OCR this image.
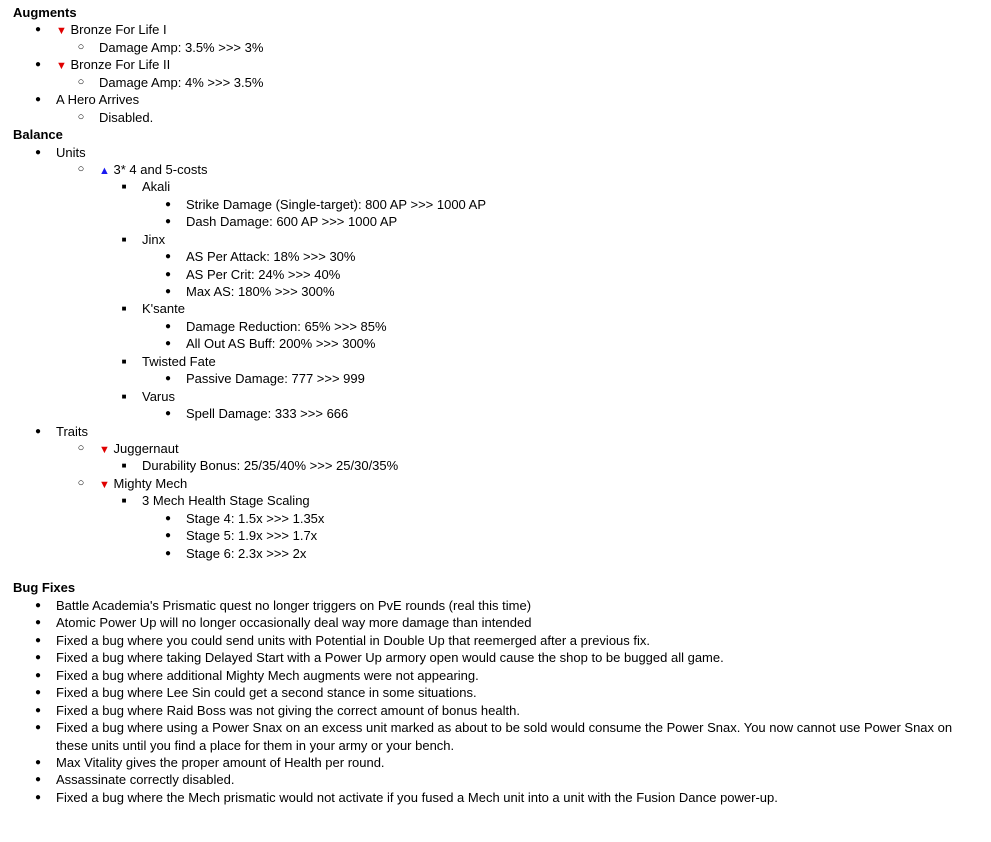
Augments
● ▼ Bronze For Life I
○ Damage Amp: 3.5% >>> 3%
● ▼ Bronze For Life II
○ Damage Amp: 4% >>> 3.5%
● A Hero Arrives
○ Disabled.
Balance
● Units
○ ▲ 3* 4 and 5-costs
■ Akali
● Strike Damage (Single-target): 800 AP >>> 1000 AP
● Dash Damage: 600 AP >>> 1000 AP
■ Jinx
● AS Per Attack: 18% >>> 30%
● AS Per Crit: 24% >>> 40%
● Max AS: 180% >>> 300%
■ K'sante
● Damage Reduction: 65% >>> 85%
● All Out AS Buff: 200% >>> 300%
■ Twisted Fate
● Passive Damage: 777 >>> 999
■ Varus
● Spell Damage: 333 >>> 666
● Traits
○ ▼ Juggernaut
■ Durability Bonus: 25/35/40% >>> 25/30/35%
○ ▼ Mighty Mech
■ 3 Mech Health Stage Scaling
● Stage 4: 1.5x >>> 1.35x
● Stage 5: 1.9x >>> 1.7x
● Stage 6: 2.3x >>> 2x
Bug Fixes
● Battle Academia's Prismatic quest no longer triggers on PvE rounds (real this time)
● Atomic Power Up will no longer occasionally deal way more damage than intended
● Fixed a bug where you could send units with Potential in Double Up that reemerged after a previous fix.
● Fixed a bug where taking Delayed Start with a Power Up armory open would cause the shop to be bugged all game.
● Fixed a bug where additional Mighty Mech augments were not appearing.
● Fixed a bug where Lee Sin could get a second stance in some situations.
● Fixed a bug where Raid Boss was not giving the correct amount of bonus health.
● Fixed a bug where using a Power Snax on an excess unit marked as about to be sold would consume the Power Snax. You now cannot use Power Snax on these units until you find a place for them in your army or your bench.
● Max Vitality gives the proper amount of Health per round.
● Assassinate correctly disabled.
● Fixed a bug where the Mech prismatic would not activate if you fused a Mech unit into a unit with the Fusion Dance power-up.
